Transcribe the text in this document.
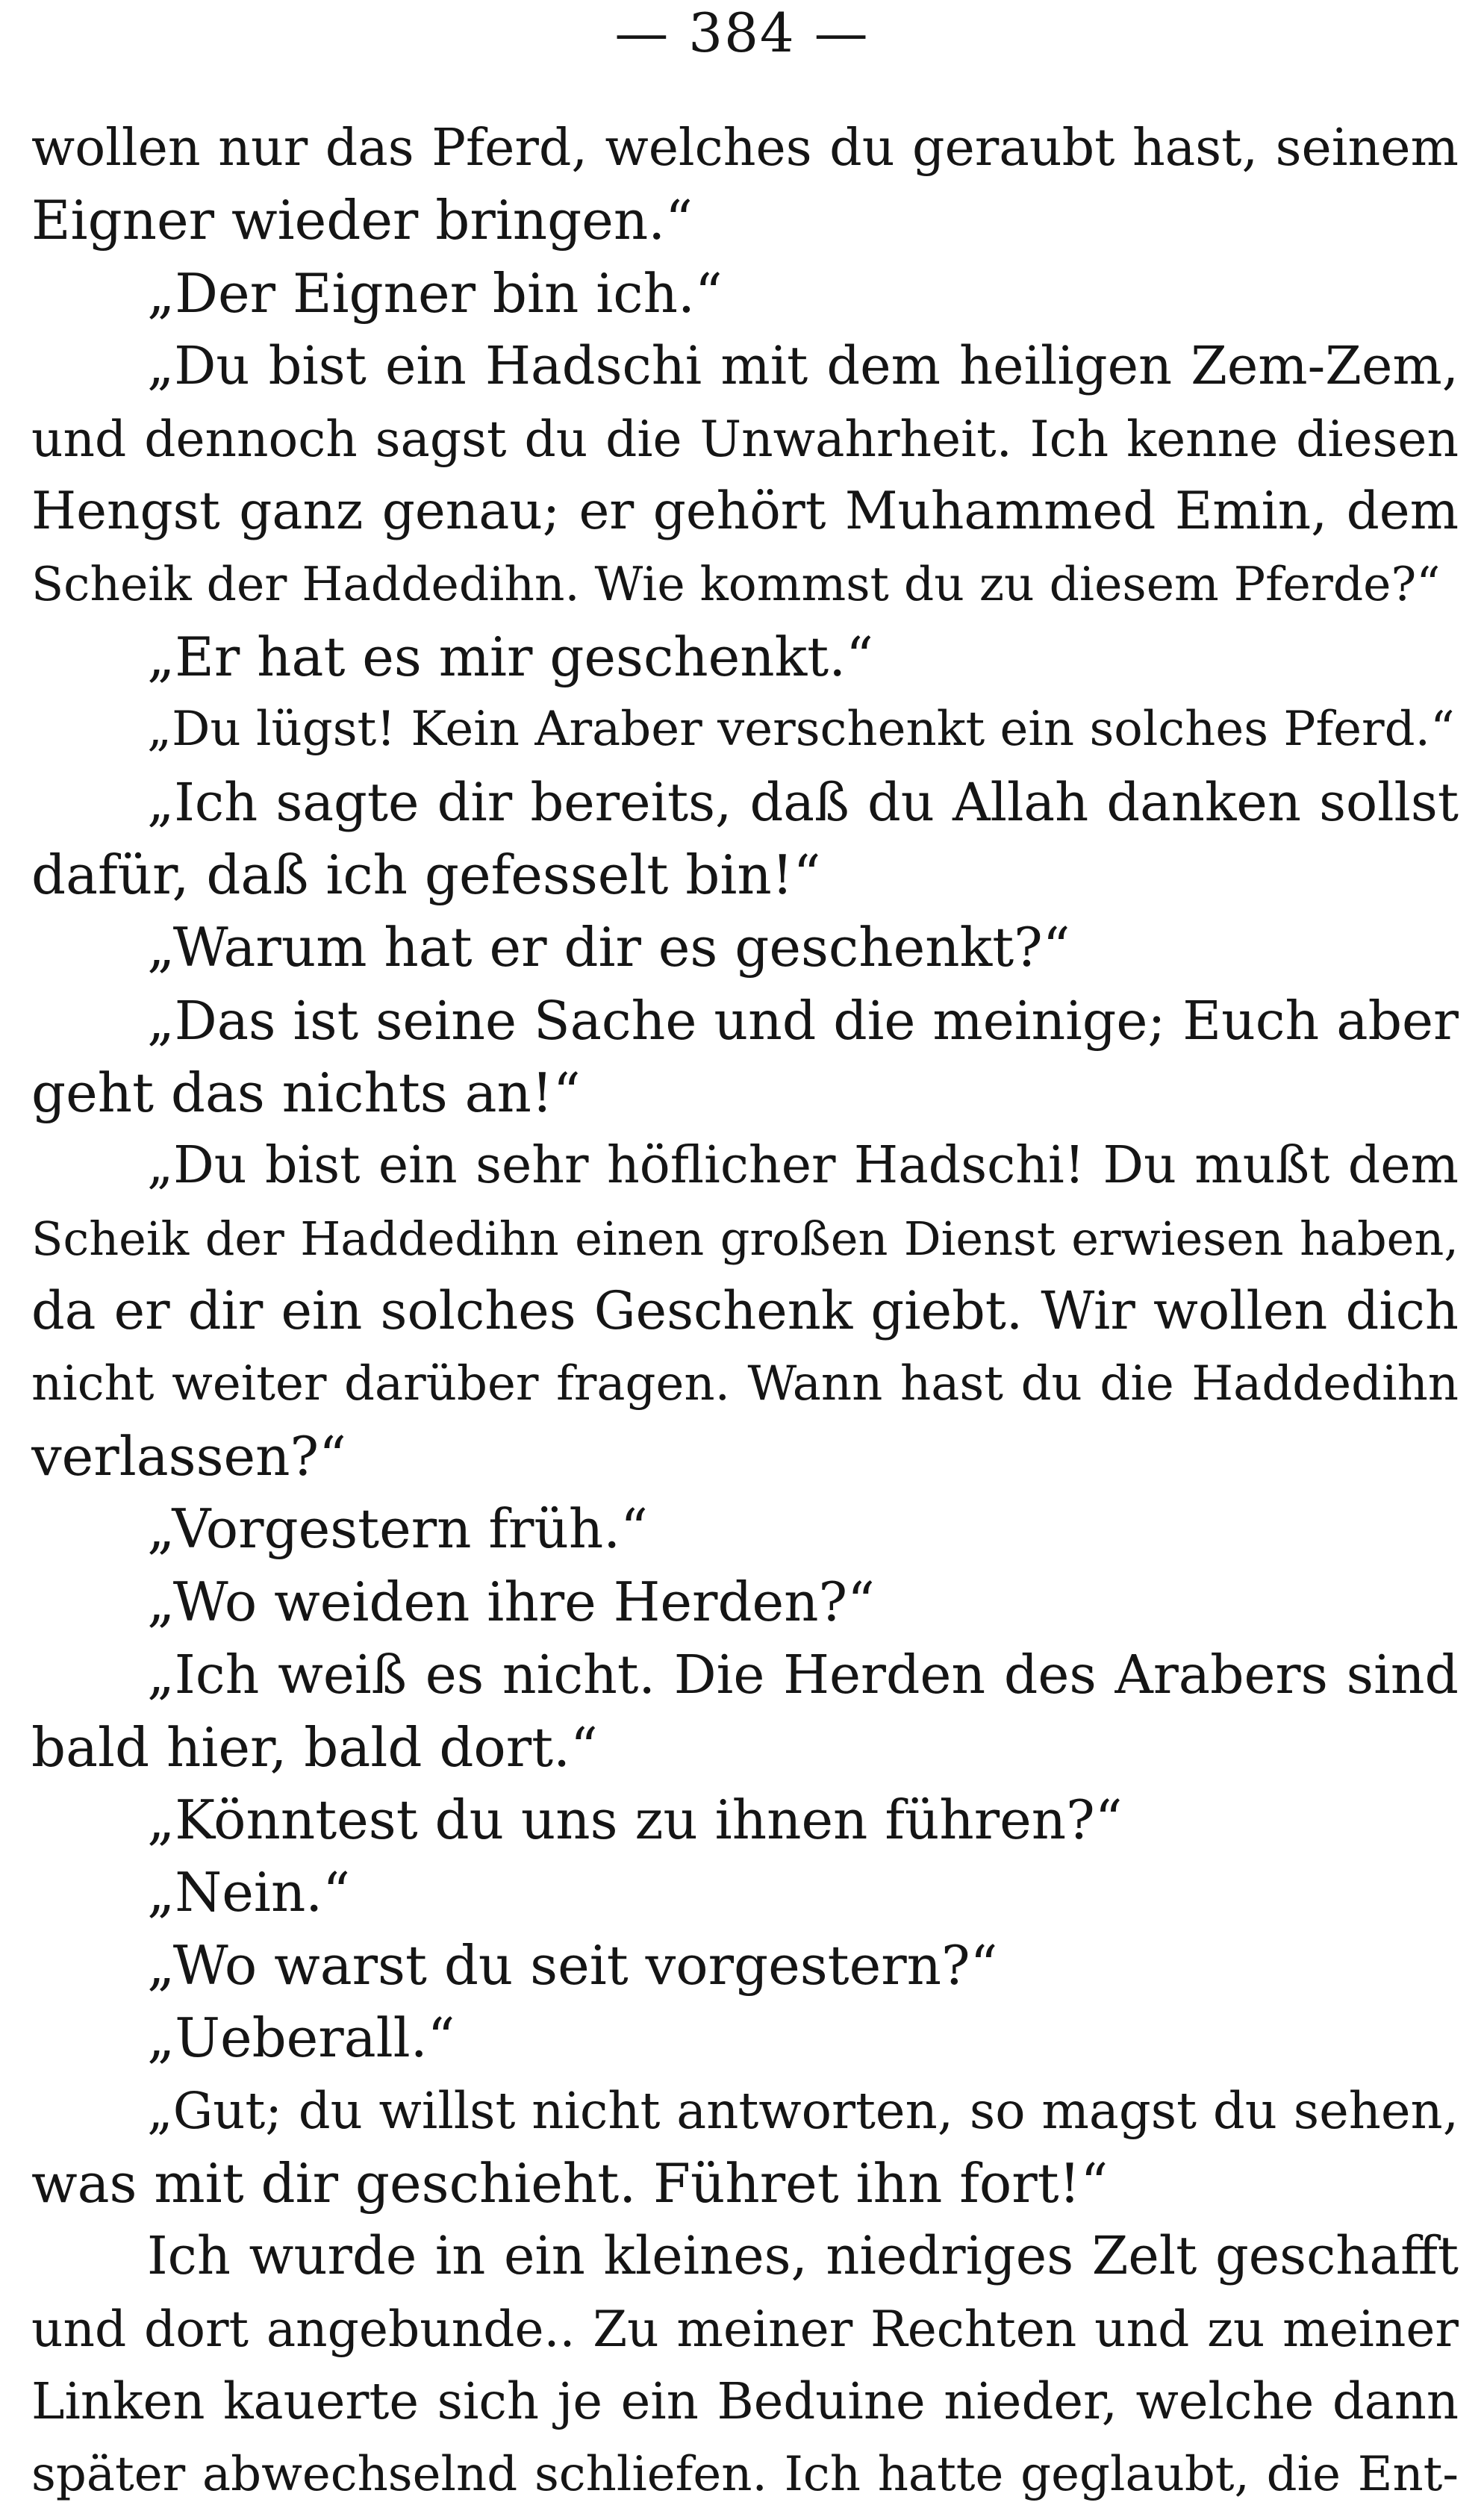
— 384 —
wollen nur das Pferd, welches du geraubt hast, seinem
Eigner wieder bringen.“
„Der Eigner bin ich.“
„Du bist ein Hadschi mit dem heiligen Zem-Zem,
und dennoch sagst du die Unwahrheit. Ich kenne diesen
Hengst ganz genau; er gehört Muhammed Emin, dem
Scheik der Haddedihn. Wie kommst du zu diesem Pferde?“
„Er hat es mir geschenkt.“
„Du lügst! Kein Araber verschenkt ein solches Pferd.“
„Ich sagte dir bereits, daß du Allah danken sollst
dafür, daß ich gefesselt bin!“
„Warum hat er dir es geschenkt?“
„Das ist seine Sache und die meinige; Euch aber
geht das nichts an!“
„Du bist ein sehr höflicher Hadschi! Du mußt dem
Scheik der Haddedihn einen großen Dienst erwiesen haben,
da er dir ein solches Geschenk giebt. Wir wollen dich
nicht weiter darüber fragen. Wann hast du die Haddedihn
verlassen?“
„Vorgestern früh.“
„Wo weiden ihre Herden?“
„Ich weiß es nicht. Die Herden des Arabers sind
bald hier, bald dort.“
„Könntest du uns zu ihnen führen?“
„Nein.“
„Wo warst du seit vorgestern?“
„Ueberall.“
„Gut; du willst nicht antworten, so magst du sehen,
was mit dir geschieht. Führet ihn fort!“
Ich wurde in ein kleines, niedriges Zelt geschafft
und dort angebunde.. Zu meiner Rechten und zu meiner
Linken kauerte sich je ein Beduine nieder, welche dann
später abwechselnd schliefen. Ich hatte geglaubt, die Ent-
